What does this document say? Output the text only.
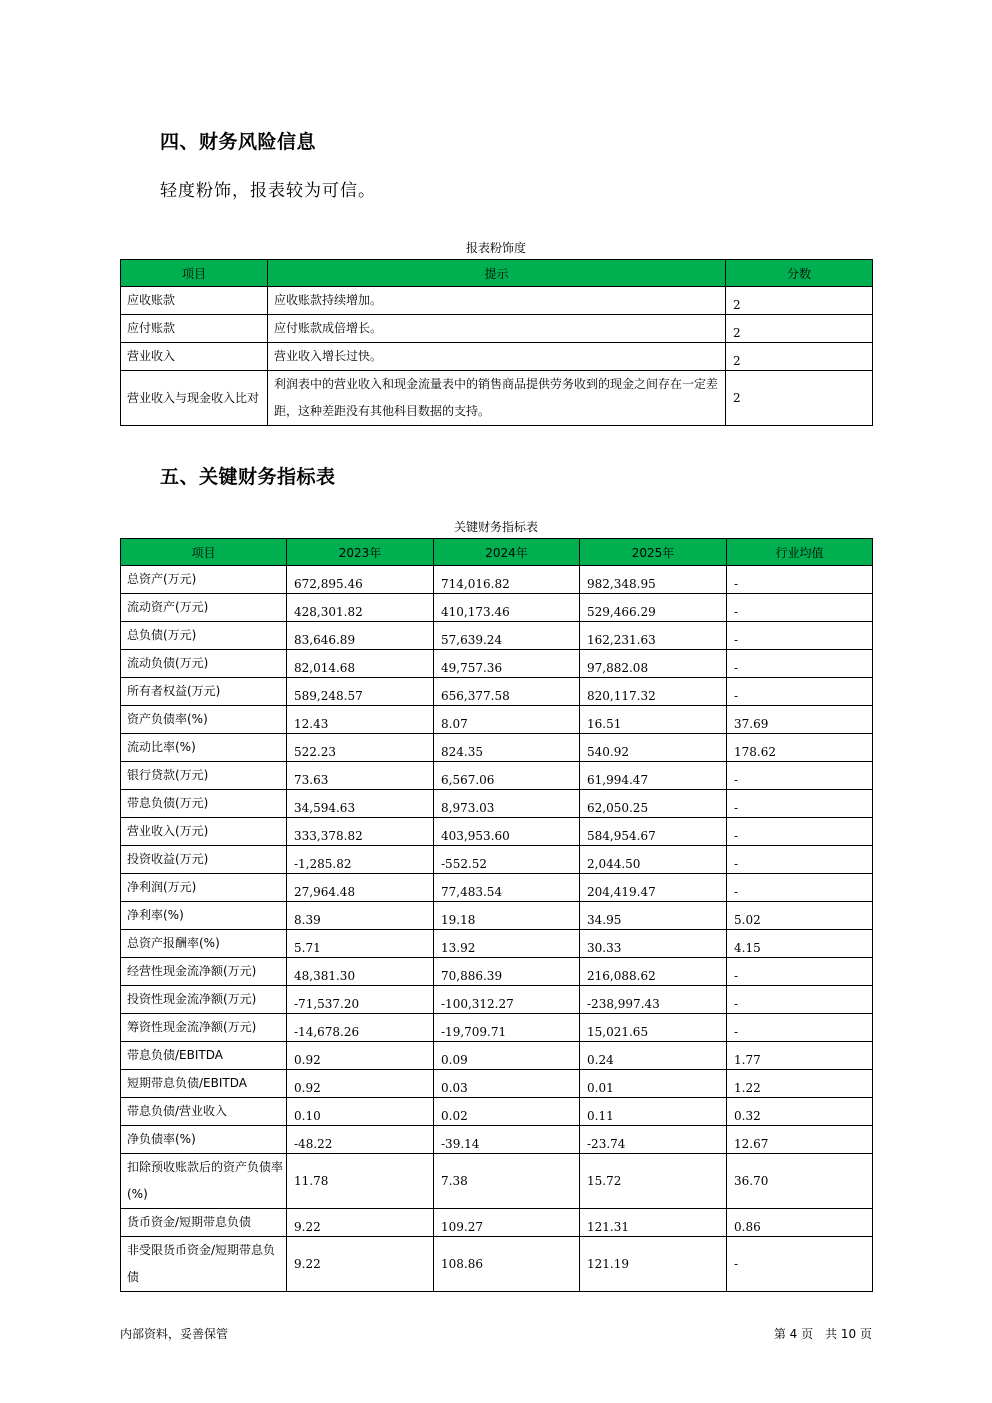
四、财务风险信息
轻度粉饰，报表较为可信。
报表粉饰度
项目	提示	分数
应收账款	应收账款持续增加。	2
应付账款	应付账款成倍增长。	2
营业收入	营业收入增长过快。	2
营业收入与现金收入比对	利润表中的营业收入和现金流量表中的销售商品提供劳务收到的现金之间存在一定差距，这种差距没有其他科目数据的支持。	2
五、关键财务指标表
关键财务指标表
项目	2023年	2024年	2025年	行业均值
总资产(万元)	672,895.46	714,016.82	982,348.95	-
流动资产(万元)	428,301.82	410,173.46	529,466.29	-
总负债(万元)	83,646.89	57,639.24	162,231.63	-
流动负债(万元)	82,014.68	49,757.36	97,882.08	-
所有者权益(万元)	589,248.57	656,377.58	820,117.32	-
资产负债率(%)	12.43	8.07	16.51	37.69
流动比率(%)	522.23	824.35	540.92	178.62
银行贷款(万元)	73.63	6,567.06	61,994.47	-
带息负债(万元)	34,594.63	8,973.03	62,050.25	-
营业收入(万元)	333,378.82	403,953.60	584,954.67	-
投资收益(万元)	-1,285.82	-552.52	2,044.50	-
净利润(万元)	27,964.48	77,483.54	204,419.47	-
净利率(%)	8.39	19.18	34.95	5.02
总资产报酬率(%)	5.71	13.92	30.33	4.15
经营性现金流净额(万元)	48,381.30	70,886.39	216,088.62	-
投资性现金流净额(万元)	-71,537.20	-100,312.27	-238,997.43	-
筹资性现金流净额(万元)	-14,678.26	-19,709.71	15,021.65	-
带息负债/EBITDA	0.92	0.09	0.24	1.77
短期带息负债/EBITDA	0.92	0.03	0.01	1.22
带息负债/营业收入	0.10	0.02	0.11	0.32
净负债率(%)	-48.22	-39.14	-23.74	12.67
扣除预收账款后的资产负债率(%)	11.78	7.38	15.72	36.70
货币资金/短期带息负债	9.22	109.27	121.31	0.86
非受限货币资金/短期带息负债	9.22	108.86	121.19	-
内部资料，妥善保管	第 4 页　共 10 页
